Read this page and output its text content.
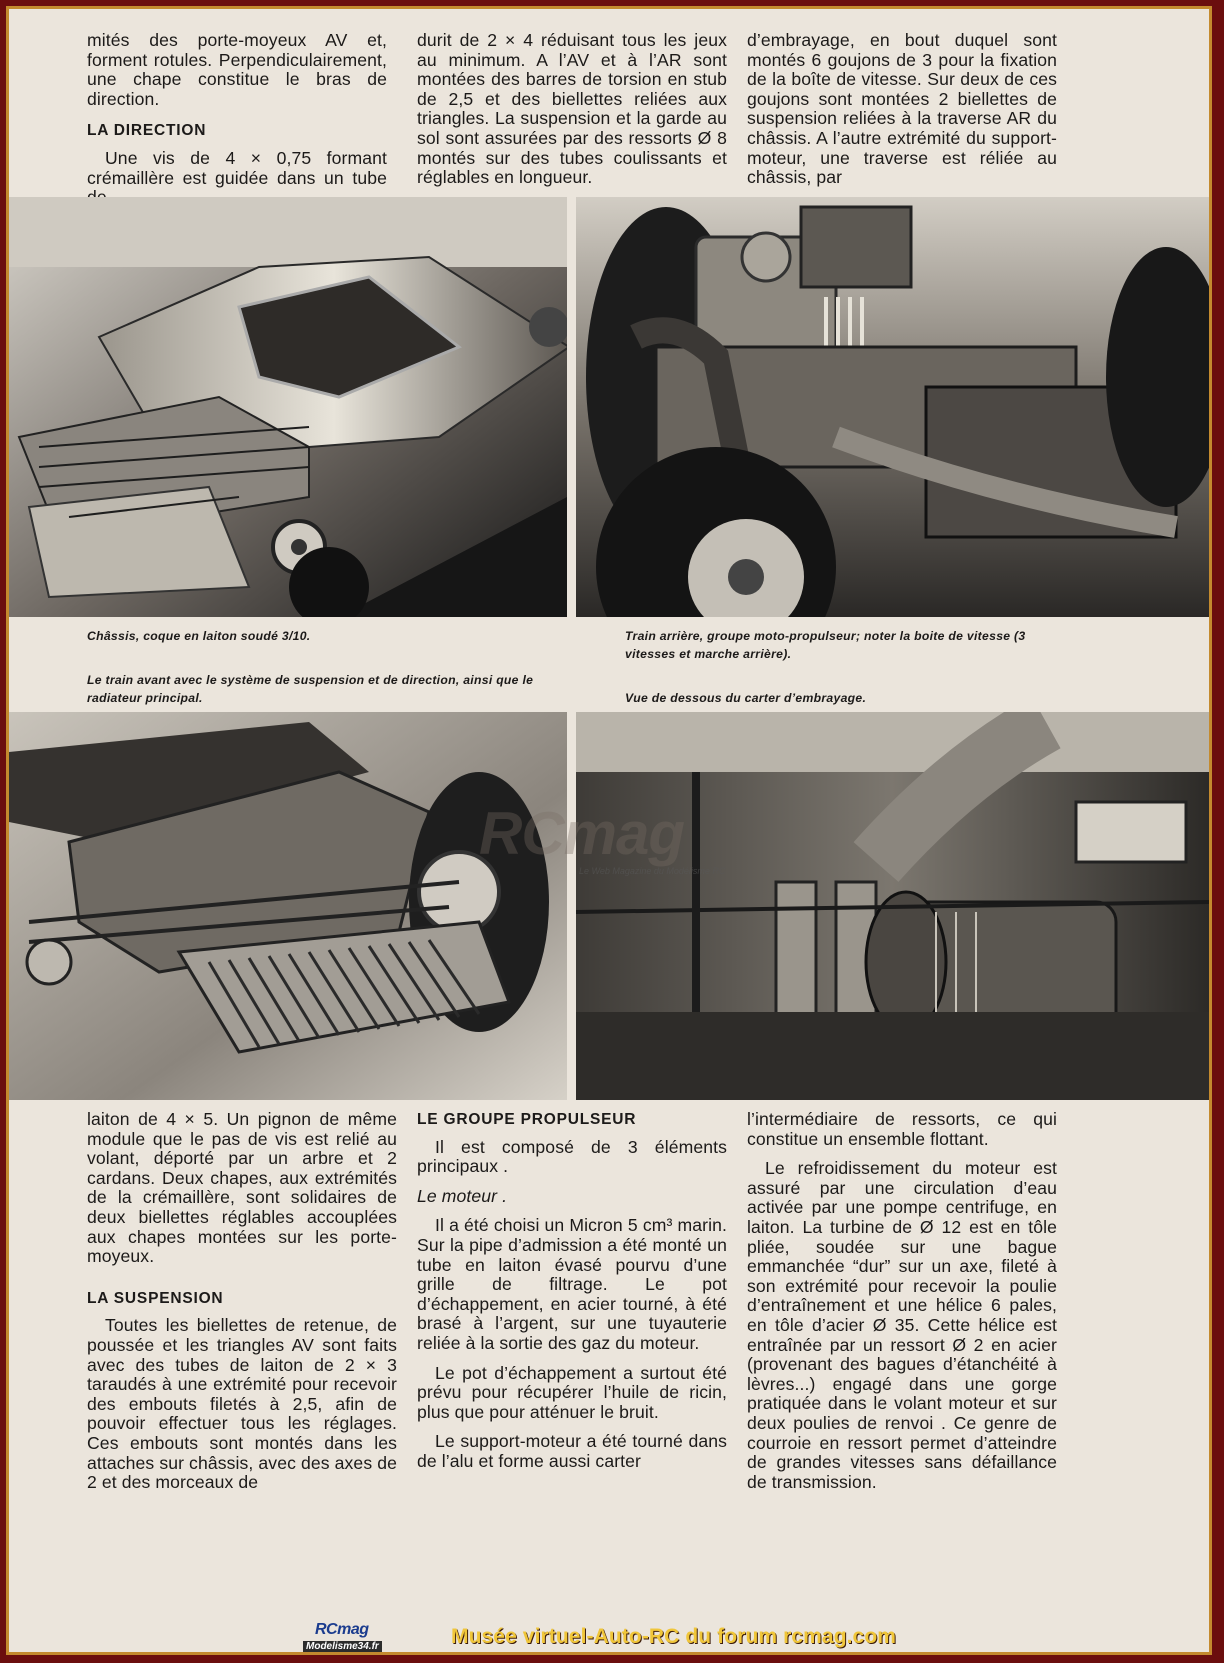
mités des porte-moyeux AV et, forment rotules. Perpendiculairement, une chape constitue le bras de direction.

LA DIRECTION

Une vis de 4 × 0,75 formant crémaillère est guidée dans un tube

durit de 2 × 4 réduisant tous les jeux au minimum. A l’AV et à l’AR sont montées des barres de torsion en stub de 2,5 et des biellettes reliées aux triangles. La suspension et la garde au sol sont assurées par des ressorts Ø 8 montés sur des tubes coulissants et réglables en longueur.

d’embrayage, en bout duquel sont montés 6 goujons de 3 pour la fixation de la boîte de vitesse. Sur deux de ces goujons sont montées 2 biellettes de suspension reliées à la traverse AR du châssis. A l’autre extrémité du support-moteur, une traverse est réliée au châssis, par

Châssis, coque en laiton soudé 3/10.	Train arrière, groupe moto-propulseur; noter la boite de vitesse (3 vitesses et marche arrière).
Le train avant avec le système de suspension et de direction, ainsi que le radiateur principal.	Vue de dessous du carter d’embrayage.
RCmag
Le Web Magazine du Modélisme RC

laiton de 4 × 5. Un pignon de même module que le pas de vis est relié au volant, déporté par un arbre et 2 cardans. Deux chapes, aux extrémités de la crémaillère, sont solidaires de deux biellettes réglables accouplées aux chapes montées sur les porte-moyeux.

LA SUSPENSION

Toutes les biellettes de retenue, de poussée et les triangles AV sont faits avec des tubes de laiton de 2 × 3 taraudés à une extrémité pour recevoir des embouts filetés à 2,5, afin de pouvoir effectuer tous les réglages. Ces embouts sont montés dans les attaches sur châssis, avec des axes de 2 et des morceaux de

LE GROUPE PROPULSEUR

Il est composé de 3 éléments principaux .

Le moteur .

Il a été choisi un Micron 5 cm³ marin. Sur la pipe d’admission a été monté un tube en laiton évasé pourvu d’une grille de filtrage. Le pot d’échappement, en acier tourné, à été brasé à l’argent, sur une tuyauterie reliée à la sortie des gaz du moteur.

Le pot d’échappement a surtout été prévu pour récupérer l’huile de ricin, plus que pour atténuer le bruit.

Le support-moteur a été tourné dans de l’alu et forme aussi carter

l’intermédiaire de ressorts, ce qui constitue un ensemble flottant.

Le refroidissement du moteur est assuré par une circulation d’eau activée par une pompe centrifuge, en laiton. La turbine de Ø 12 est en tôle pliée, soudée sur une bague emmanchée “dur” sur un axe, fileté à son extrémité pour recevoir la poulie d’entraînement et une hélice 6 pales, en tôle d’acier Ø 35. Cette hélice est entraînée par un ressort Ø 2 en acier (provenant des bagues d’étanchéité à lèvres...) engagé dans une gorge pratiquée dans le volant moteur et sur deux poulies de renvoi . Ce genre de courroie en ressort permet d’atteindre de grandes vitesses sans défaillance de transmission.

RCmag
Modelisme34.fr	Musée virtuel-Auto-RC du forum rcmag.com
